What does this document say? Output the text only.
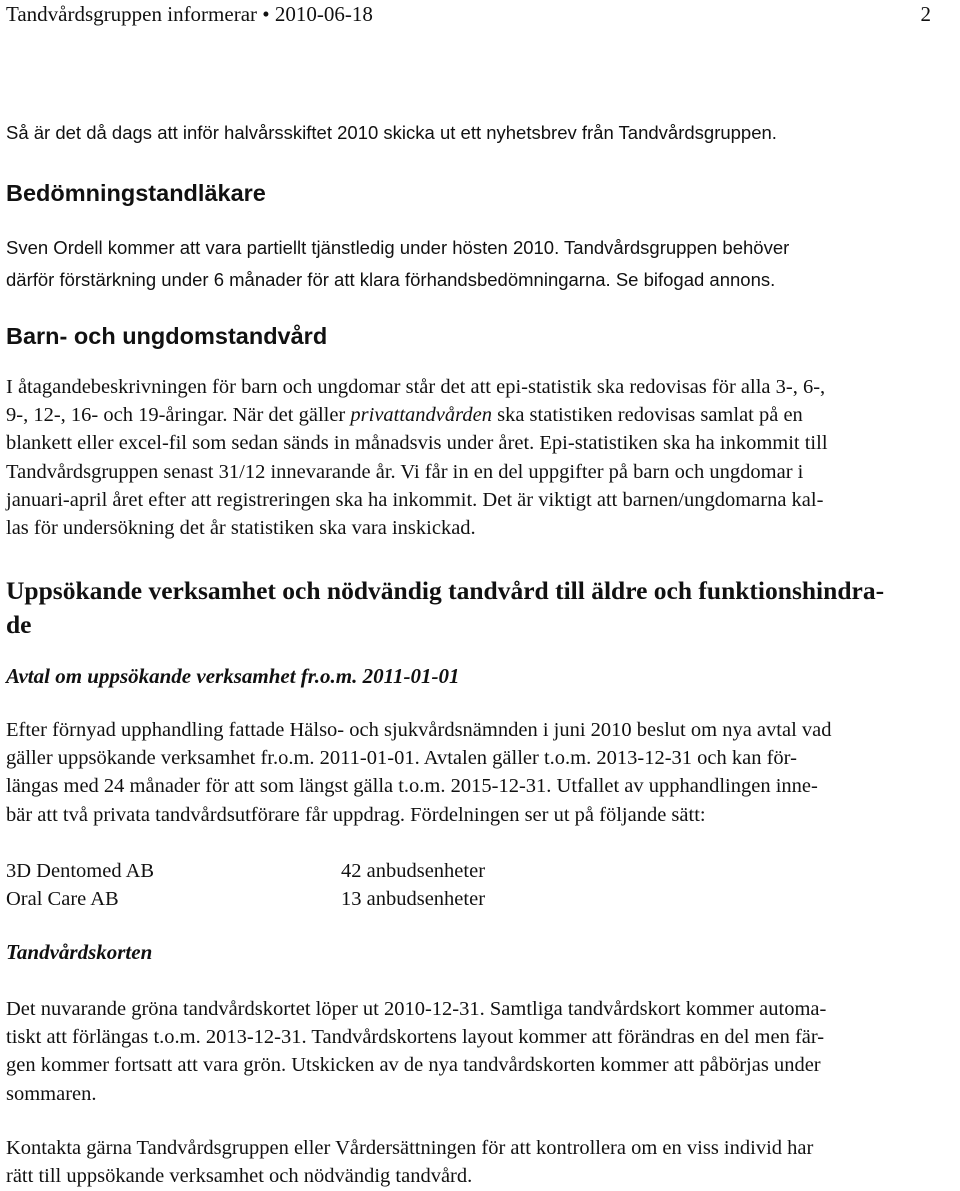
Tandvårdsgruppen informerar • 2010-06-18	2
Så är det då dags att inför halvårsskiftet 2010 skicka ut ett nyhetsbrev från Tandvårdsgruppen.
Bedömningstandläkare
Sven Ordell kommer att vara partiellt tjänstledig under hösten 2010. Tandvårdsgruppen behöver
därför förstärkning under 6 månader för att klara förhandsbedömningarna. Se bifogad annons.
Barn- och ungdomstandvård
I åtagandebeskrivningen för barn och ungdomar står det att epi-statistik ska redovisas för alla 3-, 6-,
9-, 12-, 16- och 19-åringar. När det gäller privattandvården ska statistiken redovisas samlat på en
blankett eller excel-fil som sedan sänds in månadsvis under året. Epi-statistiken ska ha inkommit till
Tandvårdsgruppen senast 31/12 innevarande år. Vi får in en del uppgifter på barn och ungdomar i
januari-april året efter att registreringen ska ha inkommit. Det är viktigt att barnen/ungdomarna kal-
las för undersökning det år statistiken ska vara inskickad.
Uppsökande verksamhet och nödvändig tandvård till äldre och funktionshindra-
de
Avtal om uppsökande verksamhet fr.o.m. 2011-01-01
Efter förnyad upphandling fattade Hälso- och sjukvårdsnämnden i juni 2010 beslut om nya avtal vad
gäller uppsökande verksamhet fr.o.m. 2011-01-01. Avtalen gäller t.o.m. 2013-12-31 och kan för-
längas med 24 månader för att som längst gälla t.o.m. 2015-12-31. Utfallet av upphandlingen inne-
bär att två privata tandvårdsutförare får uppdrag. Fördelningen ser ut på följande sätt:
3D Dentomed AB	42 anbudsenheter
Oral Care AB	13 anbudsenheter
Tandvårdskorten
Det nuvarande gröna tandvårdskortet löper ut 2010-12-31. Samtliga tandvårdskort kommer automa-
tiskt att förlängas t.o.m. 2013-12-31. Tandvårdskortens layout kommer att förändras en del men fär-
gen kommer fortsatt att vara grön. Utskicken av de nya tandvårdskorten kommer att påbörjas under
sommaren.
Kontakta gärna Tandvårdsgruppen eller Vårdersättningen för att kontrollera om en viss individ har
rätt till uppsökande verksamhet och nödvändig tandvård.
